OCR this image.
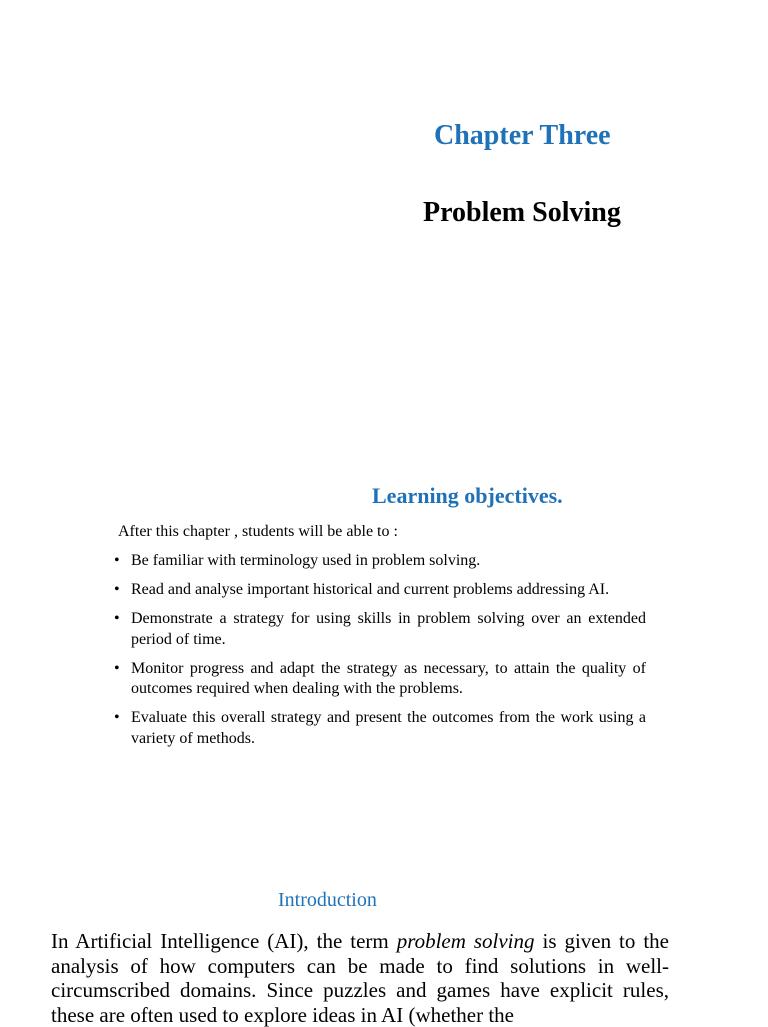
Chapter Three
Problem Solving
Learning objectives.
After this chapter , students will be able to :
• Be familiar with terminology used in problem solving.
• Read and analyse important historical and current problems addressing AI.
• Demonstrate a strategy for using skills in problem solving over an extended period of time.
• Monitor progress and adapt the strategy as necessary, to attain the quality of outcomes required when dealing with the problems.
• Evaluate this overall strategy and present the outcomes from the work using a variety of methods.
Introduction

In Artificial Intelligence (AI), the term problem solving is given to the analysis of how computers can be made to find solutions in well-circumscribed domains. Since puzzles and games have explicit rules, these are often used to explore ideas in AI (whether the
